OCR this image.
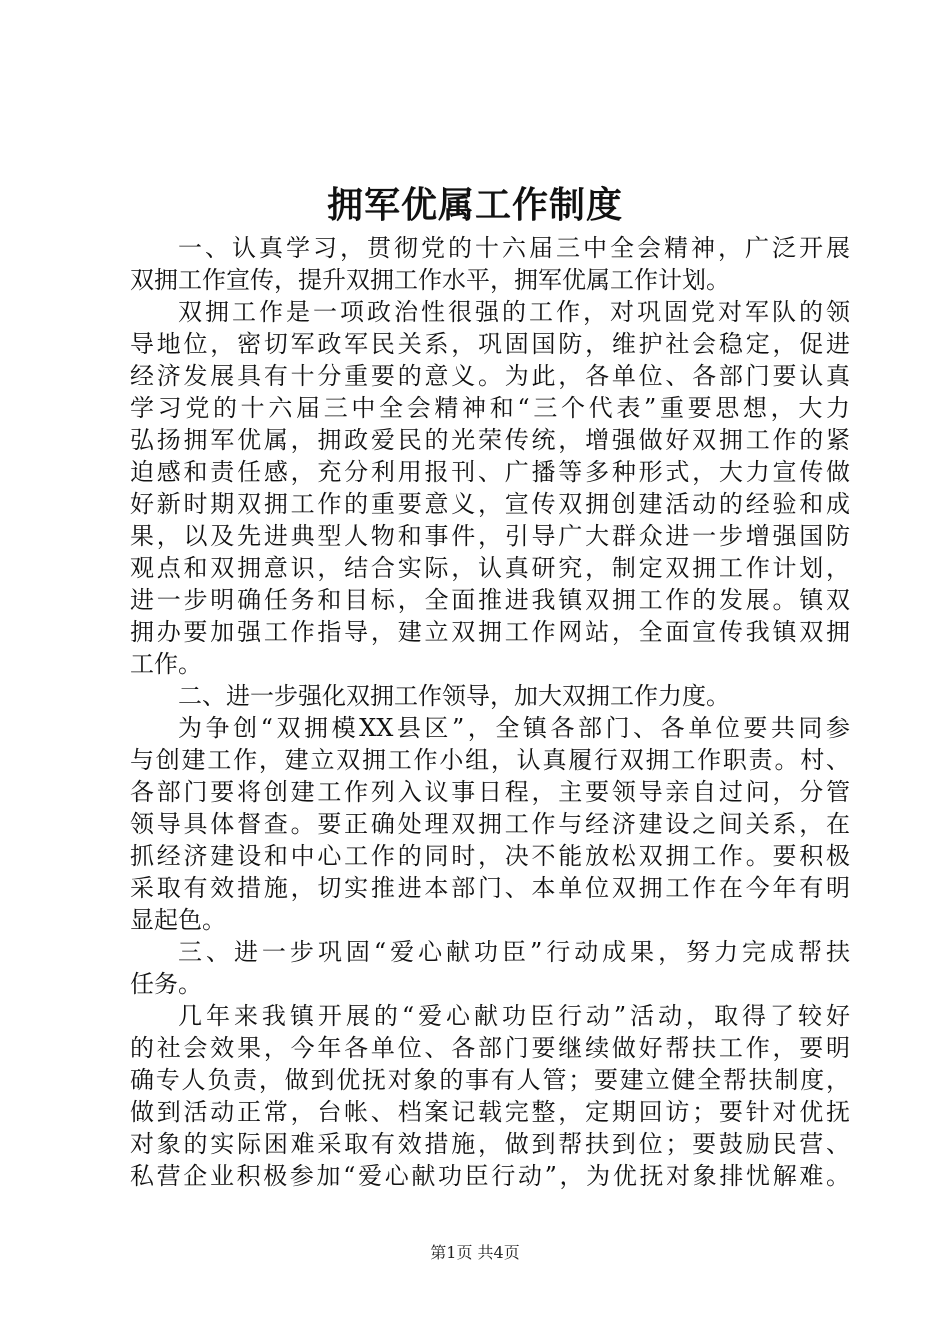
拥军优属工作制度
一、认真学习，贯彻党的十六届三中全会精神，广泛开展
双拥工作宣传，提升双拥工作水平，拥军优属工作计划。
双拥工作是一项政治性很强的工作，对巩固党对军队的领
导地位，密切军政军民关系，巩固国防，维护社会稳定，促进
经济发展具有十分重要的意义。为此，各单位、各部门要认真
学习党的十六届三中全会精神和“三个代表”重要思想，大力
弘扬拥军优属，拥政爱民的光荣传统，增强做好双拥工作的紧
迫感和责任感，充分利用报刊、广播等多种形式，大力宣传做
好新时期双拥工作的重要意义，宣传双拥创建活动的经验和成
果，以及先进典型人物和事件，引导广大群众进一步增强国防
观点和双拥意识，结合实际，认真研究，制定双拥工作计划，
进一步明确任务和目标，全面推进我镇双拥工作的发展。镇双
拥办要加强工作指导，建立双拥工作网站，全面宣传我镇双拥
工作。
二、进一步强化双拥工作领导，加大双拥工作力度。
为争创“双拥模XX县区”，全镇各部门、各单位要共同参
与创建工作，建立双拥工作小组，认真履行双拥工作职责。村、
各部门要将创建工作列入议事日程，主要领导亲自过问，分管
领导具体督查。要正确处理双拥工作与经济建设之间关系，在
抓经济建设和中心工作的同时，决不能放松双拥工作。要积极
采取有效措施，切实推进本部门、本单位双拥工作在今年有明
显起色。
三、进一步巩固“爱心献功臣”行动成果，努力完成帮扶
任务。
几年来我镇开展的“爱心献功臣行动”活动，取得了较好
的社会效果，今年各单位、各部门要继续做好帮扶工作，要明
确专人负责，做到优抚对象的事有人管；要建立健全帮扶制度，
做到活动正常，台帐、档案记载完整，定期回访；要针对优抚
对象的实际困难采取有效措施，做到帮扶到位；要鼓励民营、
私营企业积极参加“爱心献功臣行动”，为优抚对象排忧解难。
第1页 共4页
